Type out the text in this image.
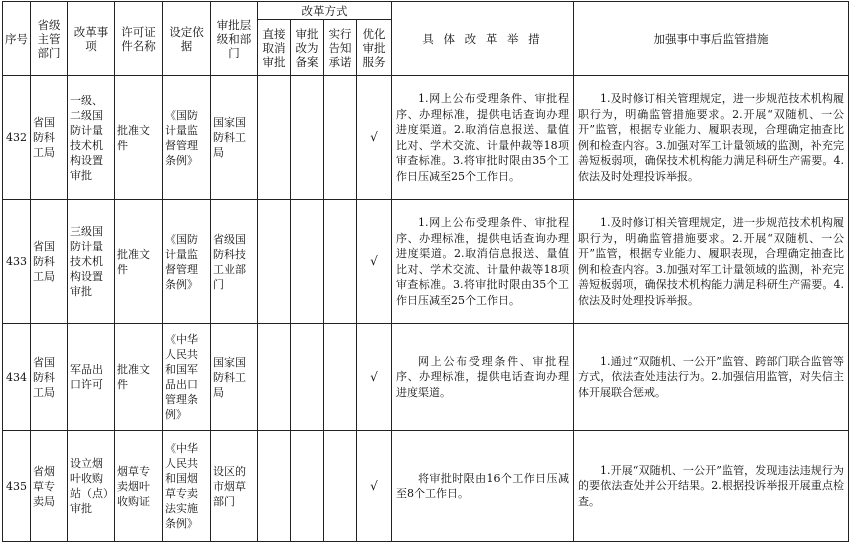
序号	省级主管部门	改革事项	许可证件名称	设定依据	审批层级和部门	改革方式				具 体 改 革 举 措	加强事中事后监管措施
						直接取消审批	审批改为备案	实行告知承诺	优化审批服务		
432	省国防科工局	一级、二级国防计量技术机构设置审批	批准文件	《国防计量监督管理条例》	国家国防科工局				√	1.网上公布受理条件、审批程序、办理标准，提供电话查询办理进度渠道。2.取消信息报送、量值比对、学术交流、计量仲裁等18项审查标准。3.将审批时限由35个工作日压减至25个工作日。	1.及时修订相关管理规定，进一步规范技术机构履职行为，明确监管措施要求。2.开展“双随机、一公开”监管，根据专业能力、履职表现，合理确定抽查比例和检查内容。3.加强对军工计量领域的监测，补充完善短板弱项，确保技术机构能力满足科研生产需要。4.依法及时处理投诉举报。
433	省国防科工局	三级国防计量技术机构设置审批	批准文件	《国防计量监督管理条例》	省级国防科技工业部门				√	1.网上公布受理条件、审批程序、办理标准，提供电话查询办理进度渠道。2.取消信息报送、量值比对、学术交流、计量仲裁等18项审查标准。3.将审批时限由35个工作日压减至25个工作日。	1.及时修订相关管理规定，进一步规范技术机构履职行为，明确监管措施要求。2.开展“双随机、一公开”监管，根据专业能力、履职表现，合理确定抽查比例和检查内容。3.加强对军工计量领域的监测，补充完善短板弱项，确保技术机构能力满足科研生产需要。4.依法及时处理投诉举报。
434	省国防科工局	军品出口许可	批准文件	《中华人民共和国军品出口管理条例》	国家国防科工局				√	网上公布受理条件、审批程序、办理标准，提供电话查询办理进度渠道。	1.通过“双随机、一公开”监管、跨部门联合监管等方式，依法查处违法行为。2.加强信用监管，对失信主体开展联合惩戒。
435	省烟草专卖局	设立烟叶收购站（点）审批	烟草专卖烟叶收购证	《中华人民共和国烟草专卖法实施条例》	设区的市烟草部门				√	将审批时限由16个工作日压减至8个工作日。	1.开展“双随机、一公开”监管，发现违法违规行为的要依法查处并公开结果。2.根据投诉举报开展重点检查。
